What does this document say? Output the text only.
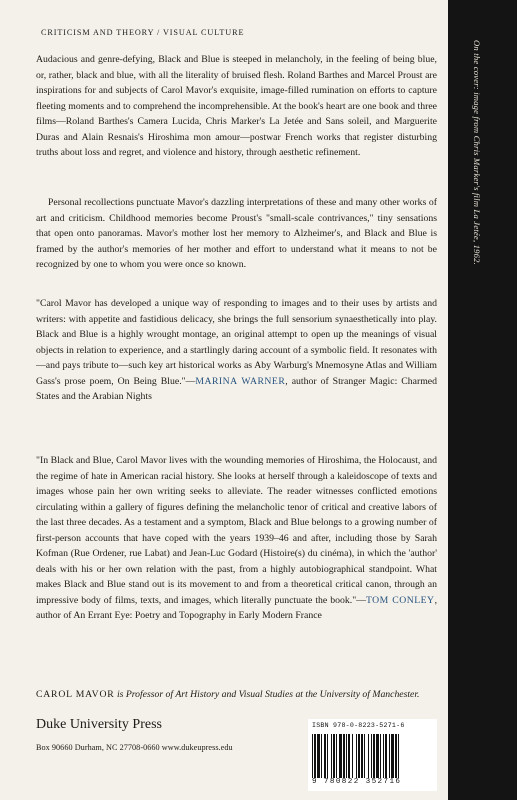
CRITICISM AND THEORY / VISUAL CULTURE

Audacious and genre-defying, Black and Blue is steeped in melancholy, in the feeling of being blue, or, rather, black and blue, with all the literality of bruised flesh. Roland Barthes and Marcel Proust are inspirations for and subjects of Carol Mavor's exquisite, image-filled rumination on efforts to capture fleeting moments and to comprehend the incomprehensible. At the book's heart are one book and three films—Roland Barthes's Camera Lucida, Chris Marker's La Jetée and Sans soleil, and Marguerite Duras and Alain Resnais's Hiroshima mon amour—postwar French works that register disturbing truths about loss and regret, and violence and history, through aesthetic refinement.

Personal recollections punctuate Mavor's dazzling interpretations of these and many other works of art and criticism. Childhood memories become Proust's "small-scale contrivances," tiny sensations that open onto panoramas. Mavor's mother lost her memory to Alzheimer's, and Black and Blue is framed by the author's memories of her mother and effort to understand what it means to not be recognized by one to whom you were once so known.

"Carol Mavor has developed a unique way of responding to images and to their uses by artists and writers: with appetite and fastidious delicacy, she brings the full sensorium synaesthetically into play. Black and Blue is a highly wrought montage, an original attempt to open up the meanings of visual objects in relation to experience, and a startlingly daring account of a symbolic field. It resonates with—and pays tribute to—such key art historical works as Aby Warburg's Mnemosyne Atlas and William Gass's prose poem, On Being Blue."—MARINA WARNER, author of Stranger Magic: Charmed States and the Arabian Nights

"In Black and Blue, Carol Mavor lives with the wounding memories of Hiroshima, the Holocaust, and the regime of hate in American racial history. She looks at herself through a kaleidoscope of texts and images whose pain her own writing seeks to alleviate. The reader witnesses conflicted emotions circulating within a gallery of figures defining the melancholic tenor of critical and creative labors of the last three decades. As a testament and a symptom, Black and Blue belongs to a growing number of first-person accounts that have coped with the years 1939–46 and after, including those by Sarah Kofman (Rue Ordener, rue Labat) and Jean-Luc Godard (Histoire(s) du cinéma), in which the 'author' deals with his or her own relation with the past, from a highly autobiographical standpoint. What makes Black and Blue stand out is its movement to and from a theoretical critical canon, through an impressive body of films, texts, and images, which literally punctuate the book."—TOM CONLEY, author of An Errant Eye: Poetry and Topography in Early Modern France

CAROL MAVOR is Professor of Art History and Visual Studies at the University of Manchester.
Duke University Press
Box 90660 Durham, NC 27708-0660 www.dukeupress.edu
ISBN 978-0-8223-5271-6
9 780822 352716
On the cover: image from Chris Marker's film La Jetée, 1962.
